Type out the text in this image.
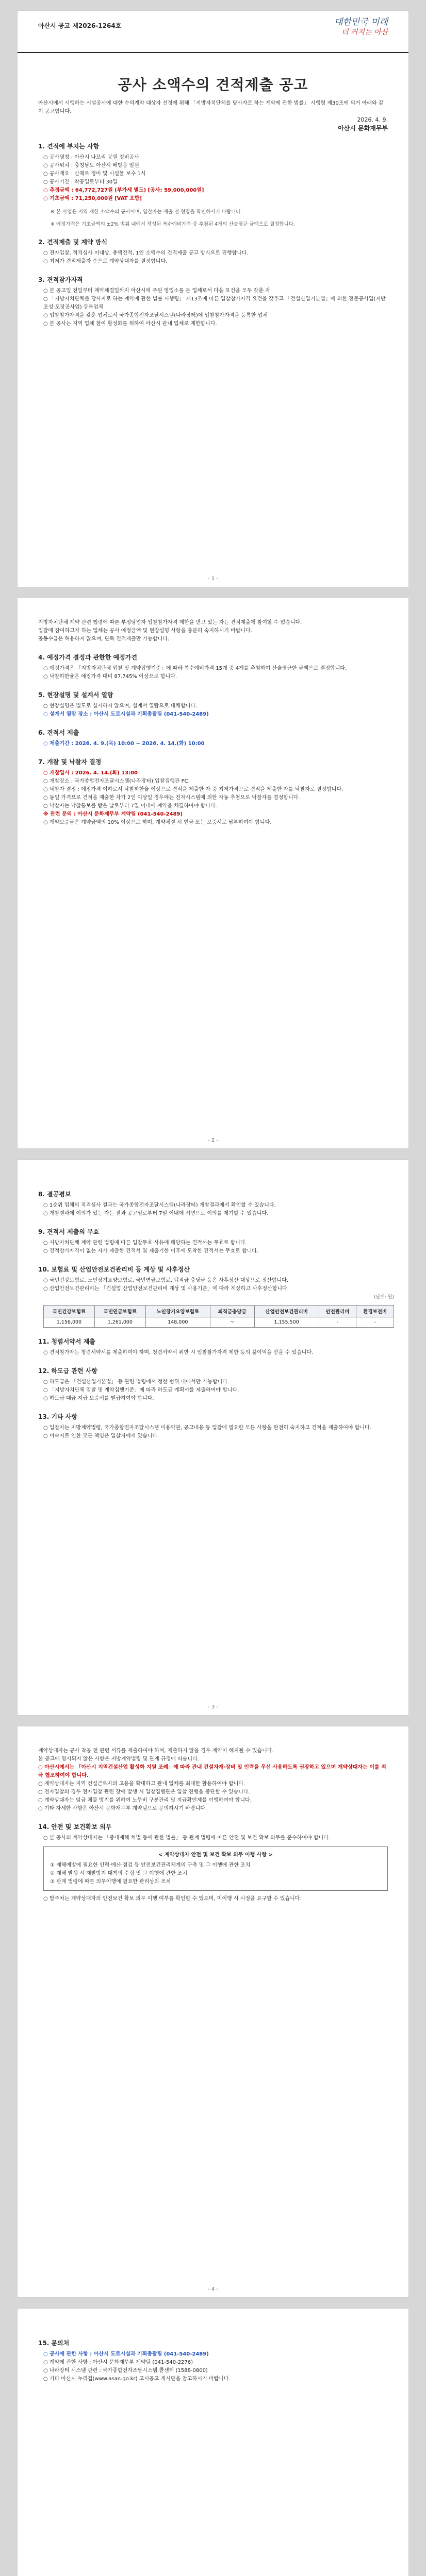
아산시 공고 제2026-1264호	대한민국 미래
더 커지는 아산
공사 소액수의 견적제출 공고

아산시에서 시행하는 시설공사에 대한 수의계약 대상자 선정에 위해 「지방자치단체를 당사자로 하는 계약에 관한 법률」 시행령 제30조에 의거 아래와 같이 공고합니다.

2026. 4. 9.
아산시 문화재무부
1. 견적에 부치는 사항

○ 공사명칭 : 아산시 나포리 공원 정비공사

○ 공사위치 : 충청남도 아산시 배방읍 일원

○ 공사개요 : 산책로 정비 및 시설물 보수 1식

○ 공사기간 : 착공일로부터 30일

○ 추정금액 : 64,772,727원 (부가세 별도) [공사: 59,000,000원]

○ 기초금액 : 71,250,000원 [VAT 포함]

※ 본 사업은 지역 제한 소액수의 공사이며, 입찰자는 제출 전 현장을 확인하시기 바랍니다.

※ 예정가격은 기초금액의 ±2% 범위 내에서 작성된 복수예비가격 중 추첨된 4개의 산술평균 금액으로 결정합니다.

2. 견적제출 및 계약 방식

○ 전자입찰, 적격심사 미대상, 총액견적, 1인 소액수의 견적제출 공고 방식으로 진행합니다.

○ 최저가 견적제출자 순으로 계약상대자를 결정합니다.

3. 견적참가자격

○ 본 공고일 전일부터 계약체결일까지 아산시에 주된 영업소를 둔 업체로서 다음 요건을 모두 갖춘 자

○ 「지방자치단체를 당사자로 하는 계약에 관한 법률 시행령」 제13조에 따른 입찰참가자격 요건을 갖추고 「건설산업기본법」에 의한 전문공사업(지반조성·포장공사업) 등록업체

○ 입찰참가자격을 갖춘 업체로서 국가종합전자조달시스템(나라장터)에 입찰참가자격을 등록한 업체

○ 본 공사는 지역 업체 참여 활성화를 위하여 아산시 관내 업체로 제한합니다.

- 1 -

지방자치단체 계약 관련 법령에 따른 부정당업자 입찰참가자격 제한을 받고 있는 자는 견적제출에 참여할 수 없습니다.

입찰에 참여하고자 하는 업체는 공사 예정금액 및 현장설명 사항을 충분히 숙지하시기 바랍니다.

공동수급은 허용하지 않으며, 단독 견적제출만 가능합니다.

4. 예정가격 결정과 관한한 예정가견

○ 예정가격은 「지방자치단체 입찰 및 계약집행기준」에 따라 복수예비가격 15개 중 4개를 추첨하여 산술평균한 금액으로 결정합니다.

○ 낙찰하한율은 예정가격 대비 87.745% 이상으로 합니다.

5. 현장설명 및 설계서 열람

○ 현장설명은 별도로 실시하지 않으며, 설계서 열람으로 대체합니다.

○ 설계서 열람 장소 : 아산시 도로시설과 기획총괄팀 (041-540-2489)

6. 견적서 제출

○ 제출기간 : 2026. 4. 9.(목) 10:00 ~ 2026. 4. 14.(화) 10:00

7. 개찰 및 낙찰자 결정

○ 개찰일시 : 2026. 4. 14.(화) 13:00

○ 개찰장소 : 국가종합전자조달시스템(나라장터) 입찰집행관 PC

○ 낙찰자 결정 : 예정가격 이하로서 낙찰하한율 이상으로 견적을 제출한 자 중 최저가격으로 견적을 제출한 자를 낙찰자로 결정합니다.

○ 동일 가격으로 견적을 제출한 자가 2인 이상일 경우에는 전자시스템에 의한 자동 추첨으로 낙찰자를 결정합니다.

○ 낙찰자는 낙찰통보를 받은 날로부터 7일 이내에 계약을 체결하여야 합니다.

※ 관련 문의 : 아산시 문화재무부 계약팀 (041-540-2489)

○ 계약보증금은 계약금액의 10% 이상으로 하며, 계약체결 시 현금 또는 보증서로 납부하여야 합니다.

- 2 -
8. 결공평보

○ 1순위 업체의 적격심사 결과는 국가종합전자조달시스템(나라장터) 개찰결과에서 확인할 수 있습니다.

○ 개찰결과에 이의가 있는 자는 결과 공고일로부터 7일 이내에 서면으로 이의를 제기할 수 있습니다.

9. 견적서 제출의 무효

○ 지방자치단체 계약 관련 법령에 따른 입찰무효 사유에 해당하는 견적서는 무효로 합니다.

○ 견적참가자격이 없는 자가 제출한 견적서 및 제출기한 이후에 도착한 견적서는 무효로 합니다.

10. 보험료 및 산업안전보건관리비 등 계상 및 사후정산

○ 국민건강보험료, 노인장기요양보험료, 국민연금보험료, 퇴직금 충당금 등은 사후정산 대상으로 정산합니다.

○ 산업안전보건관리비는 「건설업 산업안전보건관리비 계상 및 사용기준」에 따라 계상하고 사후정산합니다.

(단위: 원)
국민건강보험료	국민연금보험료	노인장기요양보험료	퇴직금충당금	산업안전보건관리비	안전관리비	환경보전비
1,156,000	1,261,000	148,000	~	1,155,500	-	-
11. 청렴서약서 제출

○ 견적참가자는 청렴서약서를 제출하여야 하며, 청렴서약서 위반 시 입찰참가자격 제한 등의 불이익을 받을 수 있습니다.

12. 하도급 관련 사항

○ 하도급은 「건설산업기본법」 등 관련 법령에서 정한 범위 내에서만 가능합니다.

○ 「지방자치단체 입찰 및 계약집행기준」에 따라 하도급 계획서를 제출하여야 합니다.

○ 하도급 대금 지급 보증서를 발급하여야 합니다.

13. 기타 사항

○ 입찰자는 지방계약법령, 국가종합전자조달시스템 이용약관, 공고내용 등 입찰에 필요한 모든 사항을 완전히 숙지하고 견적을 제출하여야 합니다.

○ 미숙지로 인한 모든 책임은 입찰자에게 있습니다.

- 3 -

계약상대자는 공사 착공 전 관련 서류를 제출하여야 하며, 제출하지 않을 경우 계약이 해지될 수 있습니다.

본 공고에 명시되지 않은 사항은 지방계약법령 및 관계 규정에 따릅니다.

○ 아산시에서는 「아산시 지역건설산업 활성화 지원 조례」에 따라 관내 건설자재·장비 및 인력을 우선 사용하도록 권장하고 있으며 계약상대자는 이를 적극 협조하여야 합니다.

○ 계약상대자는 지역 건설근로자의 고용을 확대하고 관내 업체를 최대한 활용하여야 합니다.

○ 전자입찰의 경우 전자입찰 관련 장애 발생 시 입찰집행관은 입찰 진행을 중단할 수 있습니다.

○ 계약상대자는 임금 체불 방지를 위하여 노무비 구분관리 및 지급확인제를 이행하여야 합니다.

○ 기타 자세한 사항은 아산시 문화재무부 계약팀으로 문의하시기 바랍니다.

14. 안전 및 보건확보 의무

○ 본 공사의 계약상대자는 「중대재해 처벌 등에 관한 법률」 등 관계 법령에 따른 안전 및 보건 확보 의무를 준수하여야 합니다.

< 계약상대자 안전 및 보건 확보 의무 이행 사항 >
① 재해예방에 필요한 인력·예산·점검 등 안전보건관리체계의 구축 및 그 이행에 관한 조치
② 재해 발생 시 재발방지 대책의 수립 및 그 이행에 관한 조치
③ 관계 법령에 따른 의무이행에 필요한 관리상의 조치

○ 발주처는 계약상대자의 안전보건 확보 의무 이행 여부를 확인할 수 있으며, 미이행 시 시정을 요구할 수 있습니다.

- 4 -
15. 문의처

○ 공사에 관한 사항 : 아산시 도로시설과 기획총괄팀 (041-540-2489)

○ 계약에 관한 사항 : 아산시 문화재무부 계약팀 (041-540-2276)

○ 나라장터 시스템 관련 : 국가종합전자조달시스템 콜센터 (1588-0800)

○ 기타 아산시 누리집(www.asan.go.kr) 고시공고 게시판을 참고하시기 바랍니다.
